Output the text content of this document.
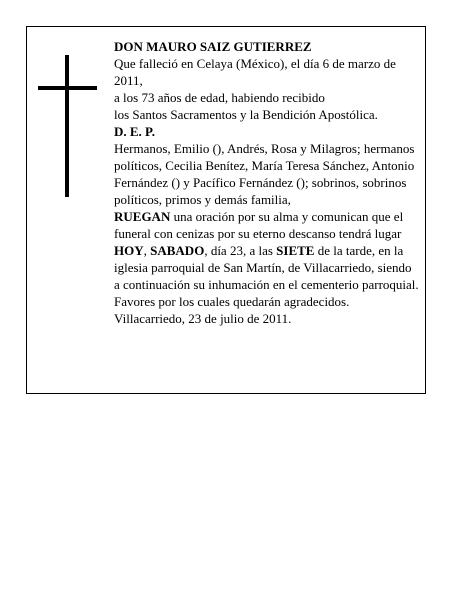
DON MAURO SAIZ GUTIERREZ

Que falleció en Celaya (México), el día 6 de marzo de 2011,

a los 73 años de edad, habiendo recibido

los Santos Sacramentos y la Bendición Apostólica.

D. E. P.

Hermanos, Emilio (), Andrés, Rosa y Milagros; hermanos políticos, Cecilia Benítez, María Teresa Sánchez, Antonio Fernández () y Pacífico Fernández (); sobrinos, sobrinos políticos, primos y demás familia,
RUEGAN una oración por su alma y comunican que el funeral con cenizas por su eterno descanso tendrá lugar HOY, SABADO, día 23, a las SIETE de la tarde, en la iglesia parroquial de San Martín, de Villacarriedo, siendo a continuación su inhumación en el cementerio parroquial. Favores por los cuales quedarán agradecidos.

Villacarriedo, 23 de julio de 2011.
